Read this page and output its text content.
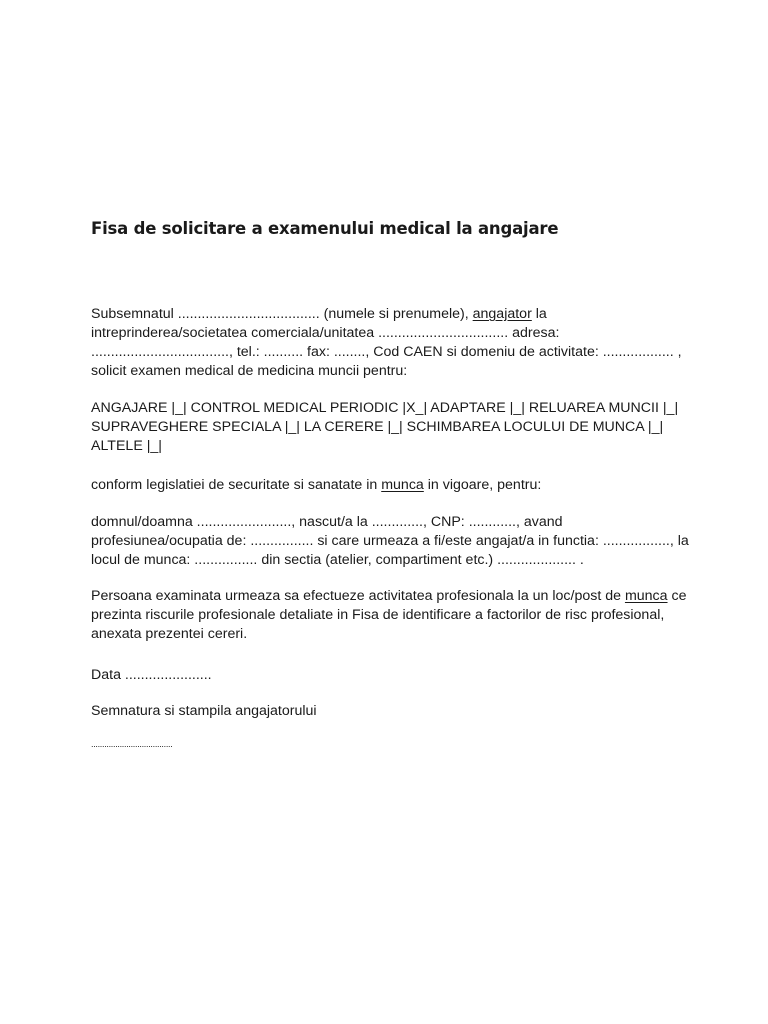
Fisa de solicitare a examenului medical la angajare

Subsemnatul .................................... (numele si prenumele), angajator la
intreprinderea/societatea comerciala/unitatea ................................. adresa:
..................................., tel.: .......... fax: ........, Cod CAEN si domeniu de activitate: .................. ,
solicit examen medical de medicina muncii pentru:

ANGAJARE |_| CONTROL MEDICAL PERIODIC |X_| ADAPTARE |_| RELUAREA MUNCII |_|
SUPRAVEGHERE SPECIALA |_| LA CERERE |_| SCHIMBAREA LOCULUI DE MUNCA |_|
ALTELE |_|

conform legislatiei de securitate si sanatate in munca in vigoare, pentru:

domnul/doamna ........................, nascut/a la ............., CNP: ............, avand
profesiunea/ocupatia de: ................ si care urmeaza a fi/este angajat/a in functia: ................., la
locul de munca: ................ din sectia (atelier, compartiment etc.) .................... .

Persoana examinata urmeaza sa efectueze activitatea profesionala la un loc/post de munca ce
prezinta riscurile profesionale detaliate in Fisa de identificare a factorilor de risc profesional,
anexata prezentei cereri.

Data ......................

Semnatura si stampila angajatorului

.....................................
